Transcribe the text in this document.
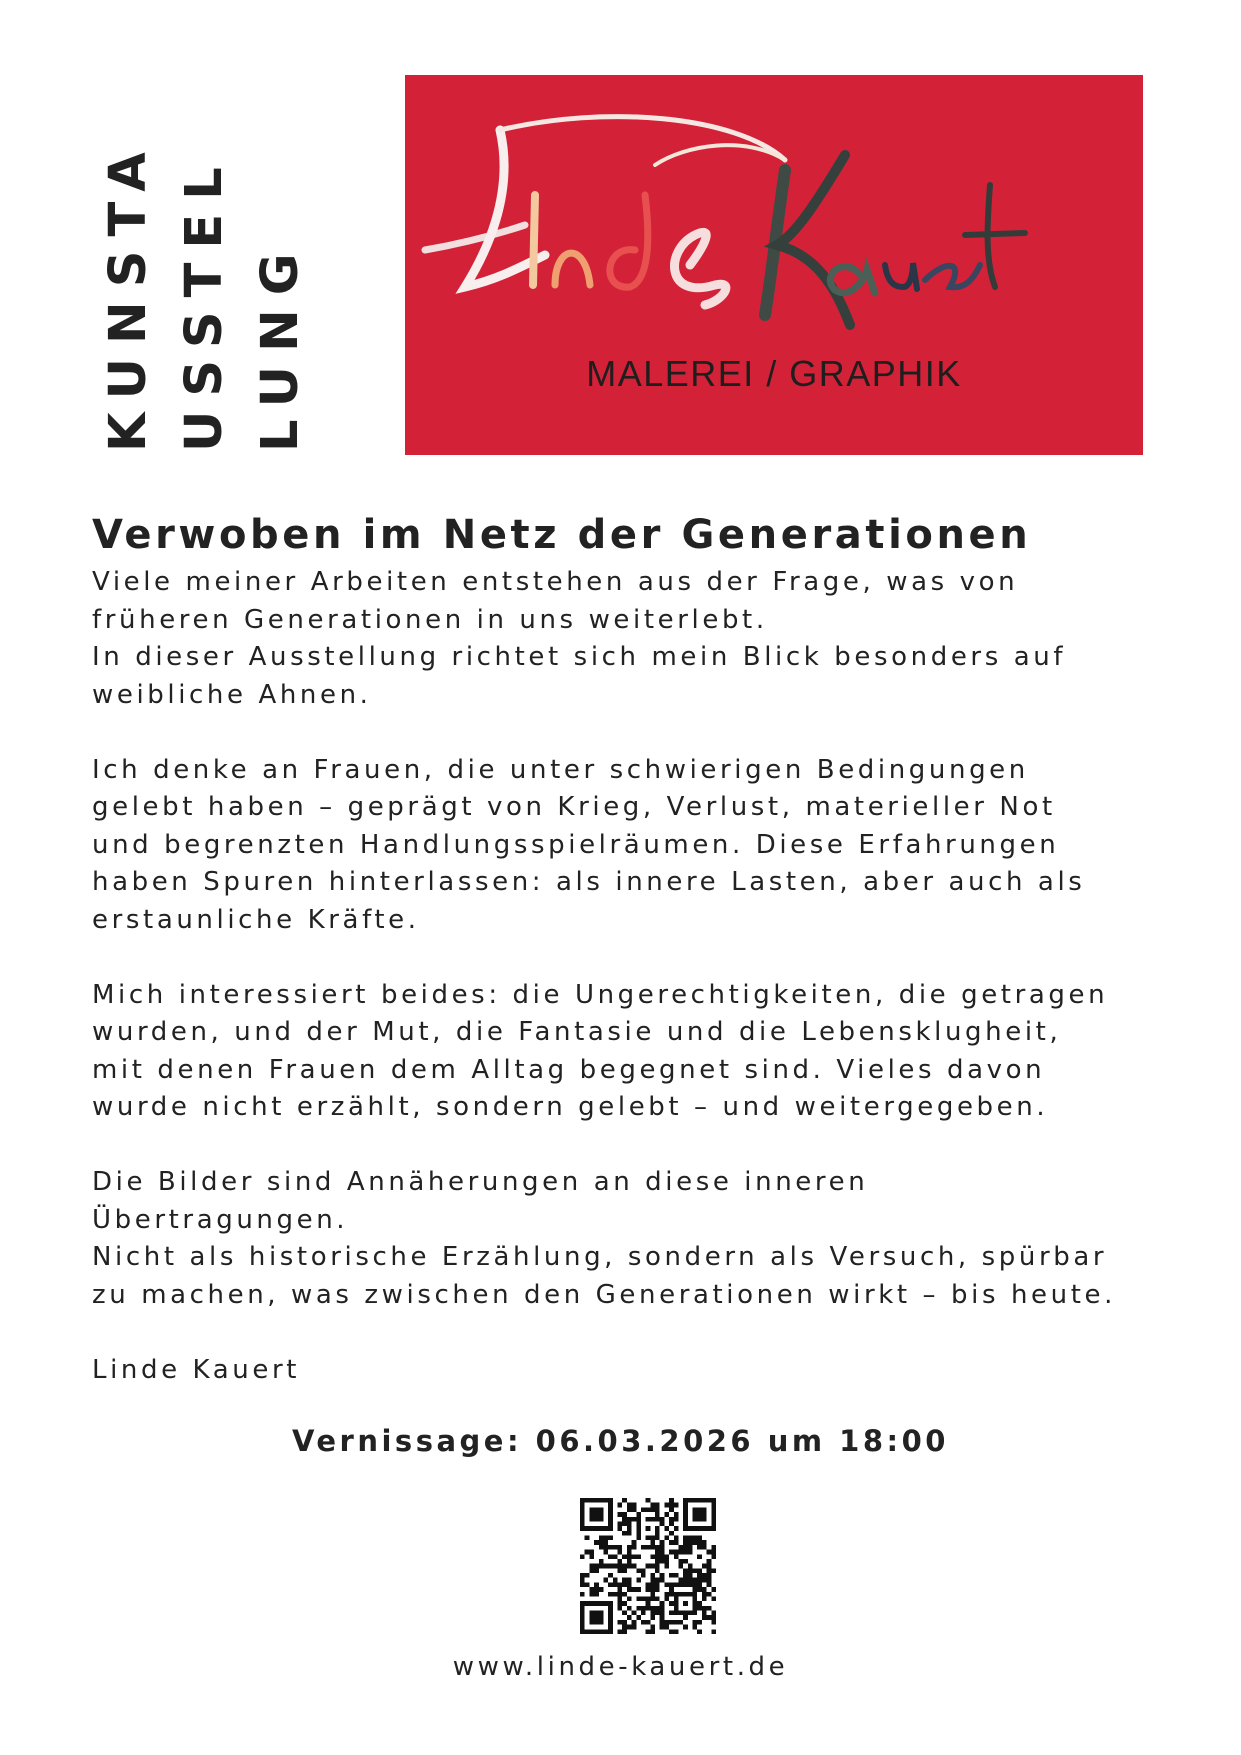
KUNSTA USSTEL LUNG	MALEREI / GRAPHIK
Verwoben im Netz der Generationen
Viele meiner Arbeiten entstehen aus der Frage, was von
früheren Generationen in uns weiterlebt.
In dieser Ausstellung richtet sich mein Blick besonders auf
weibliche Ahnen.
Ich denke an Frauen, die unter schwierigen Bedingungen
gelebt haben – geprägt von Krieg, Verlust, materieller Not
und begrenzten Handlungsspielräumen. Diese Erfahrungen
haben Spuren hinterlassen: als innere Lasten, aber auch als
erstaunliche Kräfte.
Mich interessiert beides: die Ungerechtigkeiten, die getragen
wurden, und der Mut, die Fantasie und die Lebensklugheit,
mit denen Frauen dem Alltag begegnet sind. Vieles davon
wurde nicht erzählt, sondern gelebt – und weitergegeben.
Die Bilder sind Annäherungen an diese inneren
Übertragungen.
Nicht als historische Erzählung, sondern als Versuch, spürbar
zu machen, was zwischen den Generationen wirkt – bis heute.
Linde Kauert
Vernissage: 06.03.2026 um 18:00
www.linde-kauert.de
